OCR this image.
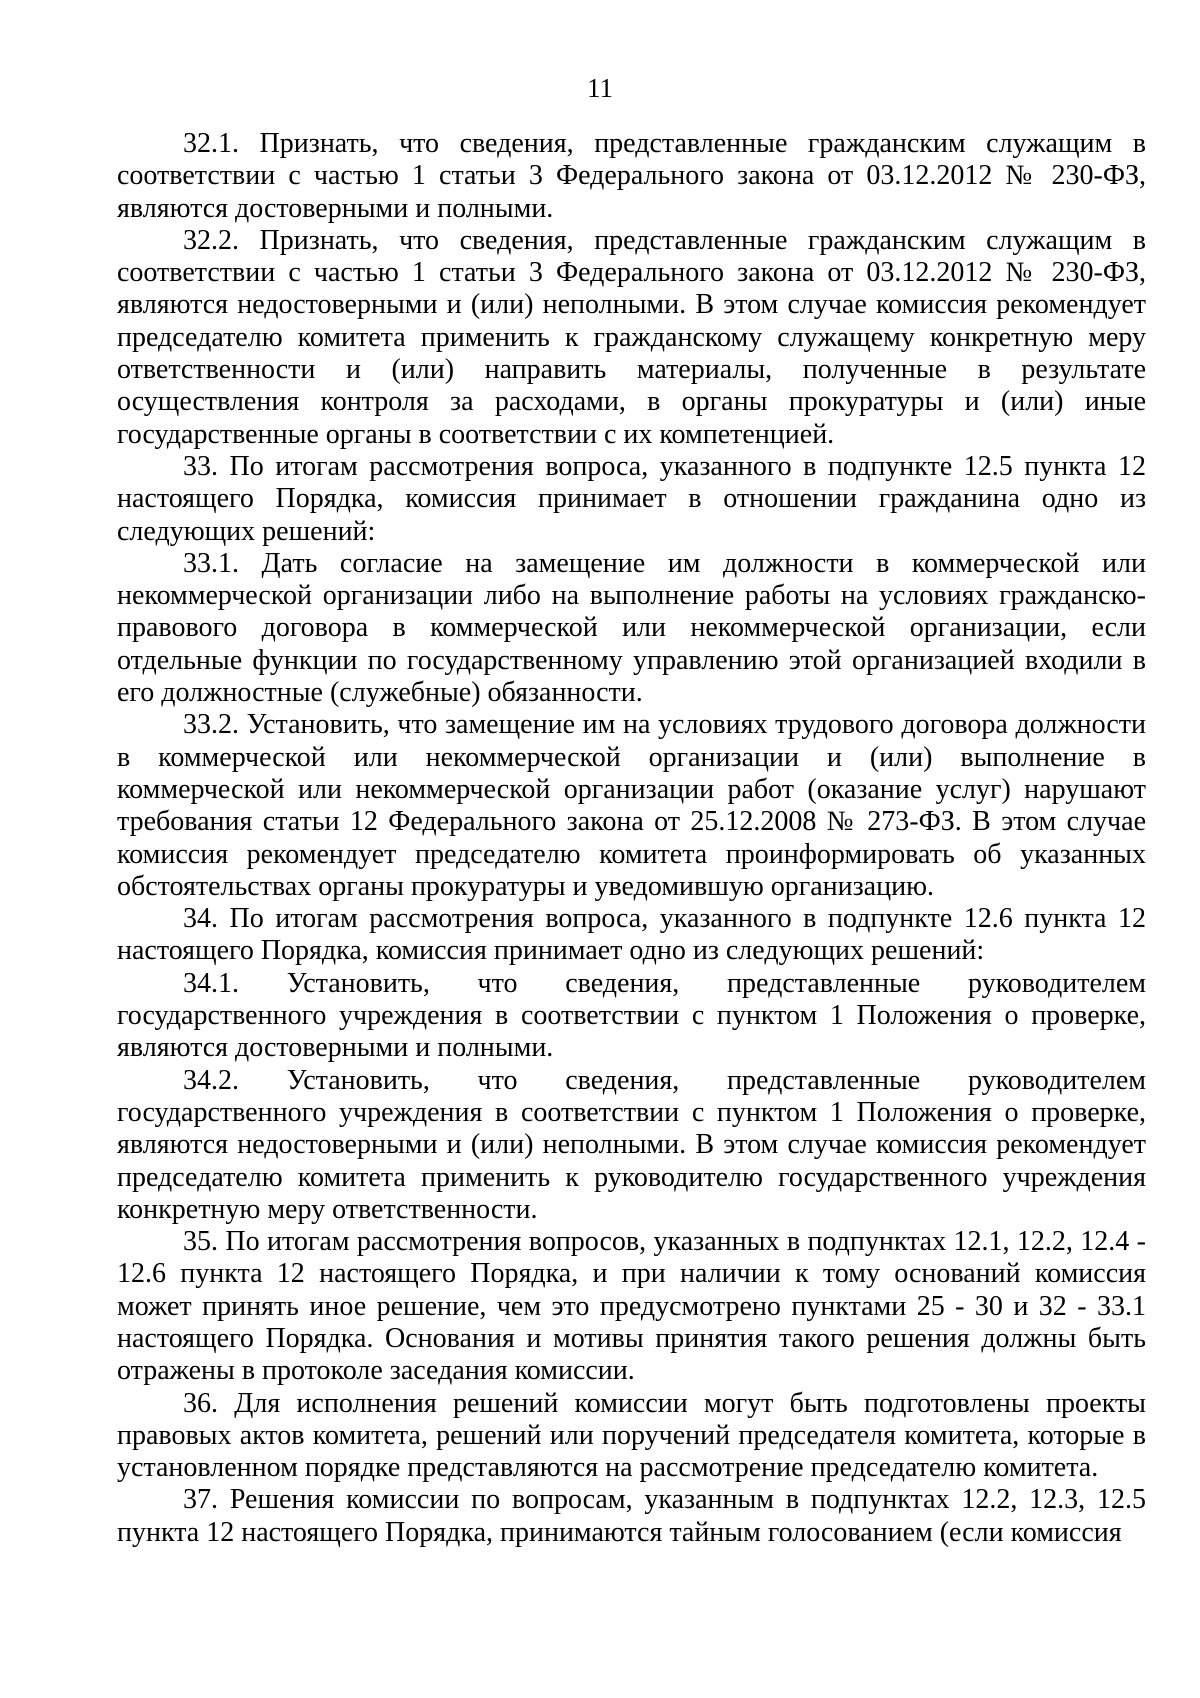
11

32.1. Признать, что сведения, представленные гражданским служащим в соответствии с частью 1 статьи 3 Федерального закона от 03.12.2012 № 230-ФЗ, являются достоверными и полными.

32.2. Признать, что сведения, представленные гражданским служащим в соответствии с частью 1 статьи 3 Федерального закона от 03.12.2012 № 230-ФЗ, являются недостоверными и (или) неполными. В этом случае комиссия рекомендует председателю комитета применить к гражданскому служащему конкретную меру ответственности и (или) направить материалы, полученные в результате осуществления контроля за расходами, в органы прокуратуры и (или) иные государственные органы в соответствии с их компетенцией.

33. По итогам рассмотрения вопроса, указанного в подпункте 12.5 пункта 12 настоящего Порядка, комиссия принимает в отношении гражданина одно из следующих решений:

33.1. Дать согласие на замещение им должности в коммерческой или некоммерческой организации либо на выполнение работы на условиях гражданско-правового договора в коммерческой или некоммерческой организации, если отдельные функции по государственному управлению этой организацией входили в его должностные (служебные) обязанности.

33.2. Установить, что замещение им на условиях трудового договора должности в коммерческой или некоммерческой организации и (или) выполнение в коммерческой или некоммерческой организации работ (оказание услуг) нарушают требования статьи 12 Федерального закона от 25.12.2008 № 273-ФЗ. В этом случае комиссия рекомендует председателю комитета проинформировать об указанных обстоятельствах органы прокуратуры и уведомившую организацию.

34. По итогам рассмотрения вопроса, указанного в подпункте 12.6 пункта 12 настоящего Порядка, комиссия принимает одно из следующих решений:

34.1. Установить, что сведения, представленные руководителем государственного учреждения в соответствии с пунктом 1 Положения о проверке, являются достоверными и полными.

34.2. Установить, что сведения, представленные руководителем государственного учреждения в соответствии с пунктом 1 Положения о проверке, являются недостоверными и (или) неполными. В этом случае комиссия рекомендует председателю комитета применить к руководителю государственного учреждения конкретную меру ответственности.

35. По итогам рассмотрения вопросов, указанных в подпунктах 12.1, 12.2, 12.4 - 12.6 пункта 12 настоящего Порядка, и при наличии к тому оснований комиссия может принять иное решение, чем это предусмотрено пунктами 25 - 30 и 32 - 33.1 настоящего Порядка. Основания и мотивы принятия такого решения должны быть отражены в протоколе заседания комиссии.

36. Для исполнения решений комиссии могут быть подготовлены проекты правовых актов комитета, решений или поручений председателя комитета, которые в установленном порядке представляются на рассмотрение председателю комитета.

37. Решения комиссии по вопросам, указанным в подпунктах 12.2, 12.3, 12.5 пункта 12 настоящего Порядка, принимаются тайным голосованием (если комиссия
